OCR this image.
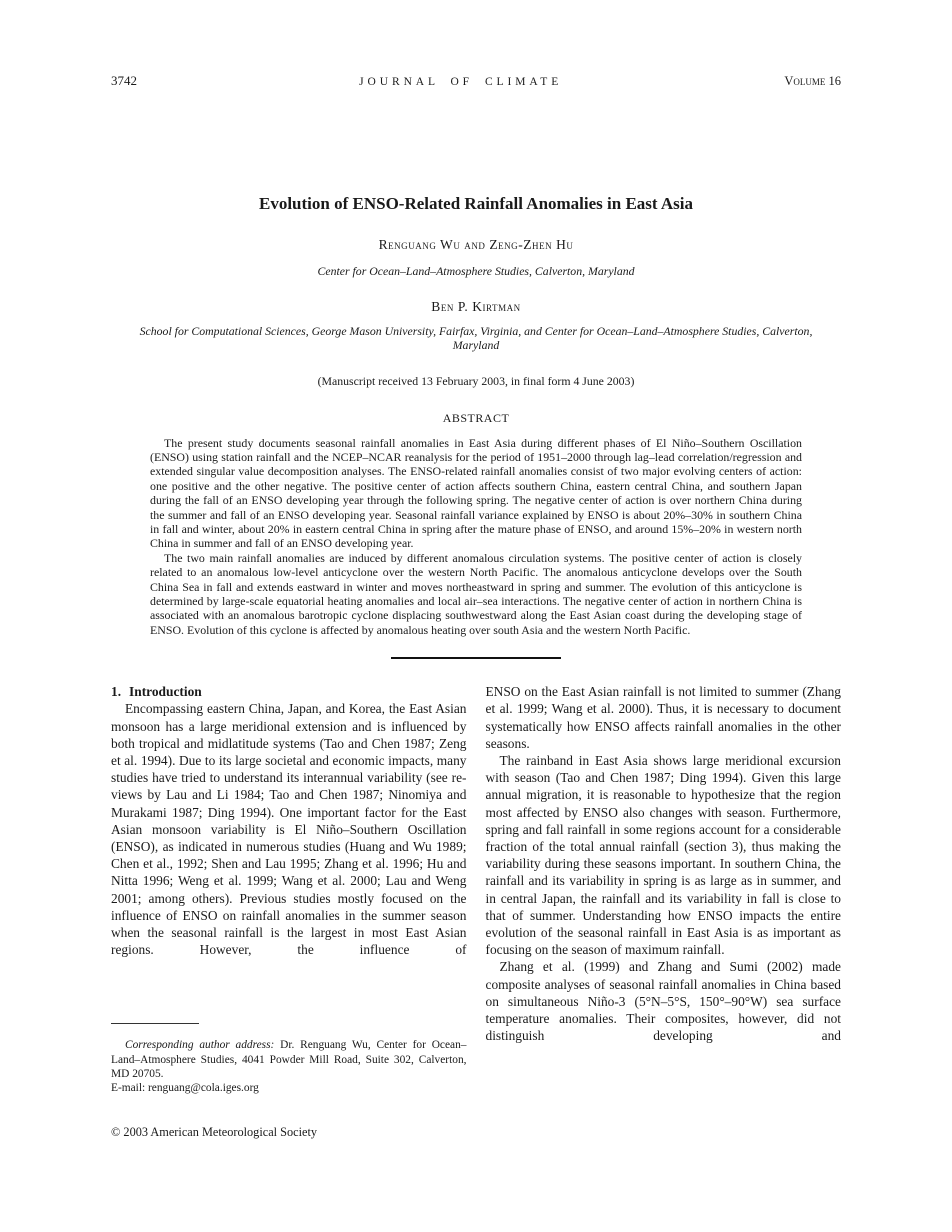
3742	JOURNAL OF CLIMATE	Volume 16
Evolution of ENSO-Related Rainfall Anomalies in East Asia
Renguang Wu and Zeng-Zhen Hu
Center for Ocean–Land–Atmosphere Studies, Calverton, Maryland
Ben P. Kirtman
School for Computational Sciences, George Mason University, Fairfax, Virginia, and Center for Ocean–Land–Atmosphere Studies, Calverton, Maryland
(Manuscript received 13 February 2003, in final form 4 June 2003)
ABSTRACT

The present study documents seasonal rainfall anomalies in East Asia during different phases of El Niño–Southern Oscillation (ENSO) using station rainfall and the NCEP–NCAR reanalysis for the period of 1951–2000 through lag–lead correlation/regression and extended singular value decomposition analyses. The ENSO-related rainfall anomalies consist of two major evolving centers of action: one positive and the other negative. The positive center of action affects southern China, eastern central China, and southern Japan during the fall of an ENSO developing year through the following spring. The negative center of action is over northern China during the summer and fall of an ENSO developing year. Seasonal rainfall variance explained by ENSO is about 20%–30% in southern China in fall and winter, about 20% in eastern central China in spring after the mature phase of ENSO, and around 15%–20% in western north China in summer and fall of an ENSO developing year.

The two main rainfall anomalies are induced by different anomalous circulation systems. The positive center of action is closely related to an anomalous low-level anticyclone over the western North Pacific. The anomalous anticyclone develops over the South China Sea in fall and extends eastward in winter and moves northeastward in spring and summer. The evolution of this anticyclone is determined by large-scale equatorial heating anomalies and local air–sea interactions. The negative center of action in northern China is associated with an anomalous barotropic cyclone displacing southwestward along the East Asian coast during the developing stage of ENSO. Evolution of this cyclone is affected by anomalous heating over south Asia and the western North Pacific.

1. Introduction

Encompassing eastern China, Japan, and Korea, the East Asian monsoon has a large meridional extension and is influenced by both tropical and midlatitude systems (Tao and Chen 1987; Zeng et al. 1994). Due to its large societal and economic impacts, many studies have tried to understand its interannual variability (see reviews by Lau and Li 1984; Tao and Chen 1987; Ninomiya and Murakami 1987; Ding 1994). One important factor for the East Asian monsoon variability is El Niño–Southern Oscillation (ENSO), as indicated in numerous studies (Huang and Wu 1989; Chen et al., 1992; Shen and Lau 1995; Zhang et al. 1996; Hu and Nitta 1996; Weng et al. 1999; Wang et al. 2000; Lau and Weng 2001; among others). Previous studies mostly focused on the influence of ENSO on rainfall anomalies in the summer season when the seasonal rainfall is the largest in most East Asian regions. However, the influence of

Corresponding author address: Dr. Renguang Wu, Center for Ocean–Land–Atmosphere Studies, 4041 Powder Mill Road, Suite 302, Calverton, MD 20705.

E-mail: renguang@cola.iges.org

ENSO on the East Asian rainfall is not limited to summer (Zhang et al. 1999; Wang et al. 2000). Thus, it is necessary to document systematically how ENSO affects rainfall anomalies in the other seasons.

The rainband in East Asia shows large meridional excursion with season (Tao and Chen 1987; Ding 1994). Given this large annual migration, it is reasonable to hypothesize that the region most affected by ENSO also changes with season. Furthermore, spring and fall rainfall in some regions account for a considerable fraction of the total annual rainfall (section 3), thus making the variability during these seasons important. In southern China, the rainfall and its variability in spring is as large as in summer, and in central Japan, the rainfall and its variability in fall is close to that of summer. Understanding how ENSO impacts the entire evolution of the seasonal rainfall in East Asia is as important as focusing on the season of maximum rainfall.

Zhang et al. (1999) and Zhang and Sumi (2002) made composite analyses of seasonal rainfall anomalies in China based on simultaneous Niño-3 (5°N–5°S, 150°–90°W) sea surface temperature anomalies. Their composites, however, did not distinguish developing and

© 2003 American Meteorological Society
